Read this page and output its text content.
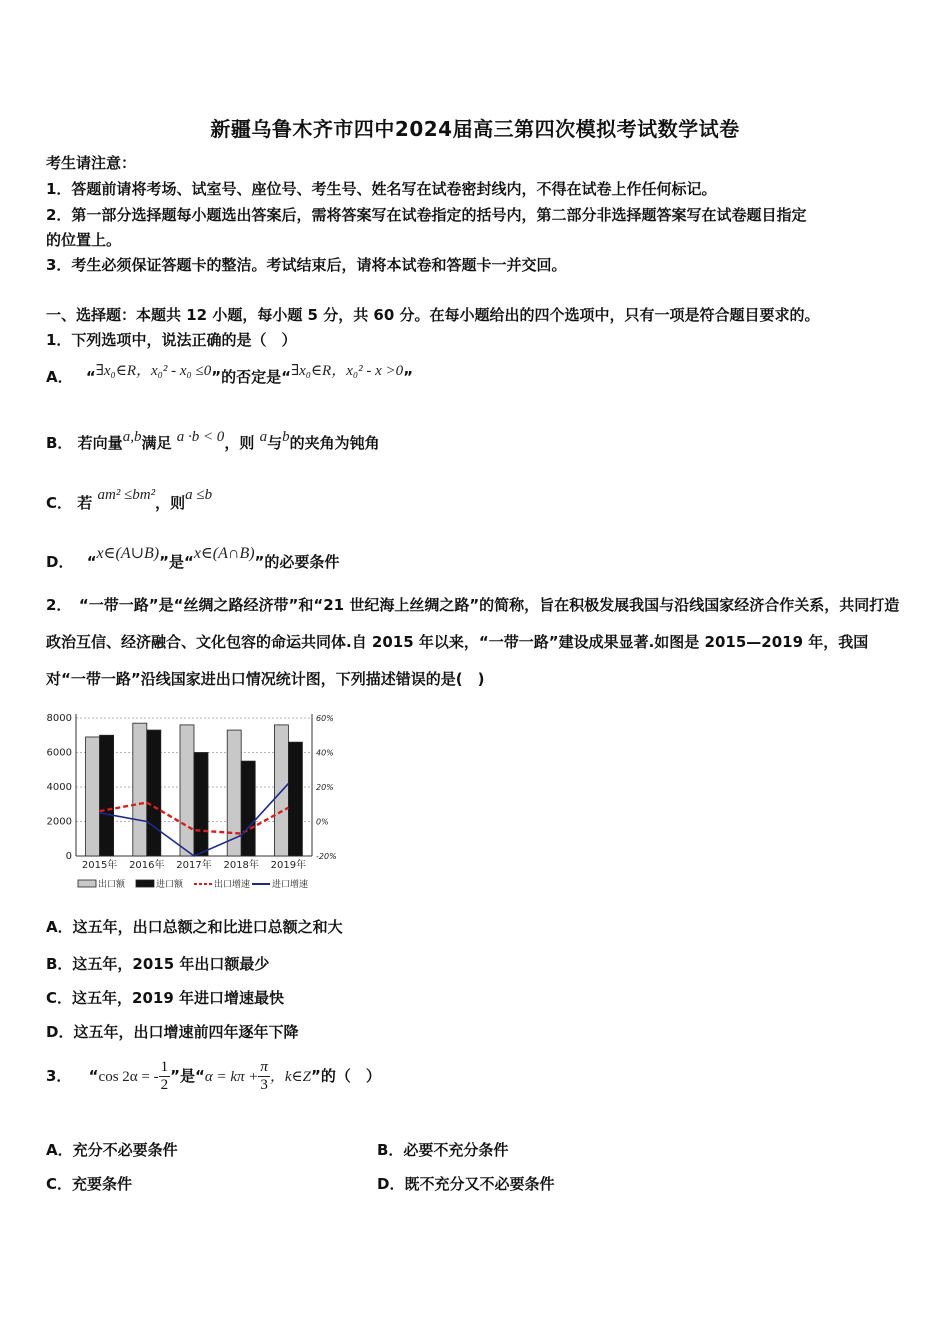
新疆乌鲁木齐市四中2024届高三第四次模拟考试数学试卷
考生请注意：
1．答题前请将考场、试室号、座位号、考生号、姓名写在试卷密封线内，不得在试卷上作任何标记。
2．第一部分选择题每小题选出答案后，需将答案写在试卷指定的括号内，第二部分非选择题答案写在试卷题目指定
的位置上。
3．考生必须保证答题卡的整洁。考试结束后，请将本试卷和答题卡一并交回。
一、选择题：本题共 12 小题，每小题 5 分，共 60 分。在每小题给出的四个选项中，只有一项是符合题目要求的。
1．下列选项中，说法正确的是（　）
A． “∃x₀∈R，x₀² - x₀ ≤0”的否定是“∃x₀∈R，x₀² - x >0”
B． 若向量a,b满足 a ·b < 0，则 a与b的夹角为钝角
C． 若 am² ≤bm²，则a ≤b
D． “x∈(A∪B)”是“x∈(A∩B)”的必要条件
2．　“一带一路”是“丝绸之路经济带”和“21 世纪海上丝绸之路”的简称，旨在积极发展我国与沿线国家经济合作关系，共同打造政治互信、经济融合、文化包容的命运共同体.自 2015 年以来，“一带一路”建设成果显著.如图是 2015—2019 年，我国对“一带一路”沿线国家进出口情况统计图，下列描述错误的是(　)
0
2000
4000
6000
8000
-20%
0%
20%
40%
60%
2015年 2016年 2017年 2018年 2019年
出口额	进口额	出口增速 进口增速
A．这五年，出口总额之和比进口总额之和大
B．这五年，2015 年出口额最少
C．这五年，2019 年进口增速最快
D．这五年，出口增速前四年逐年下降
3． “cos 2α = - $\frac{1}{2}$ ”是“$\alpha = k\pi + \frac{\pi}{3}$ ，k∈Z”的（　）
A．充分不必要条件	B．必要不充分条件
C．充要条件	D．既不充分又不必要条件
